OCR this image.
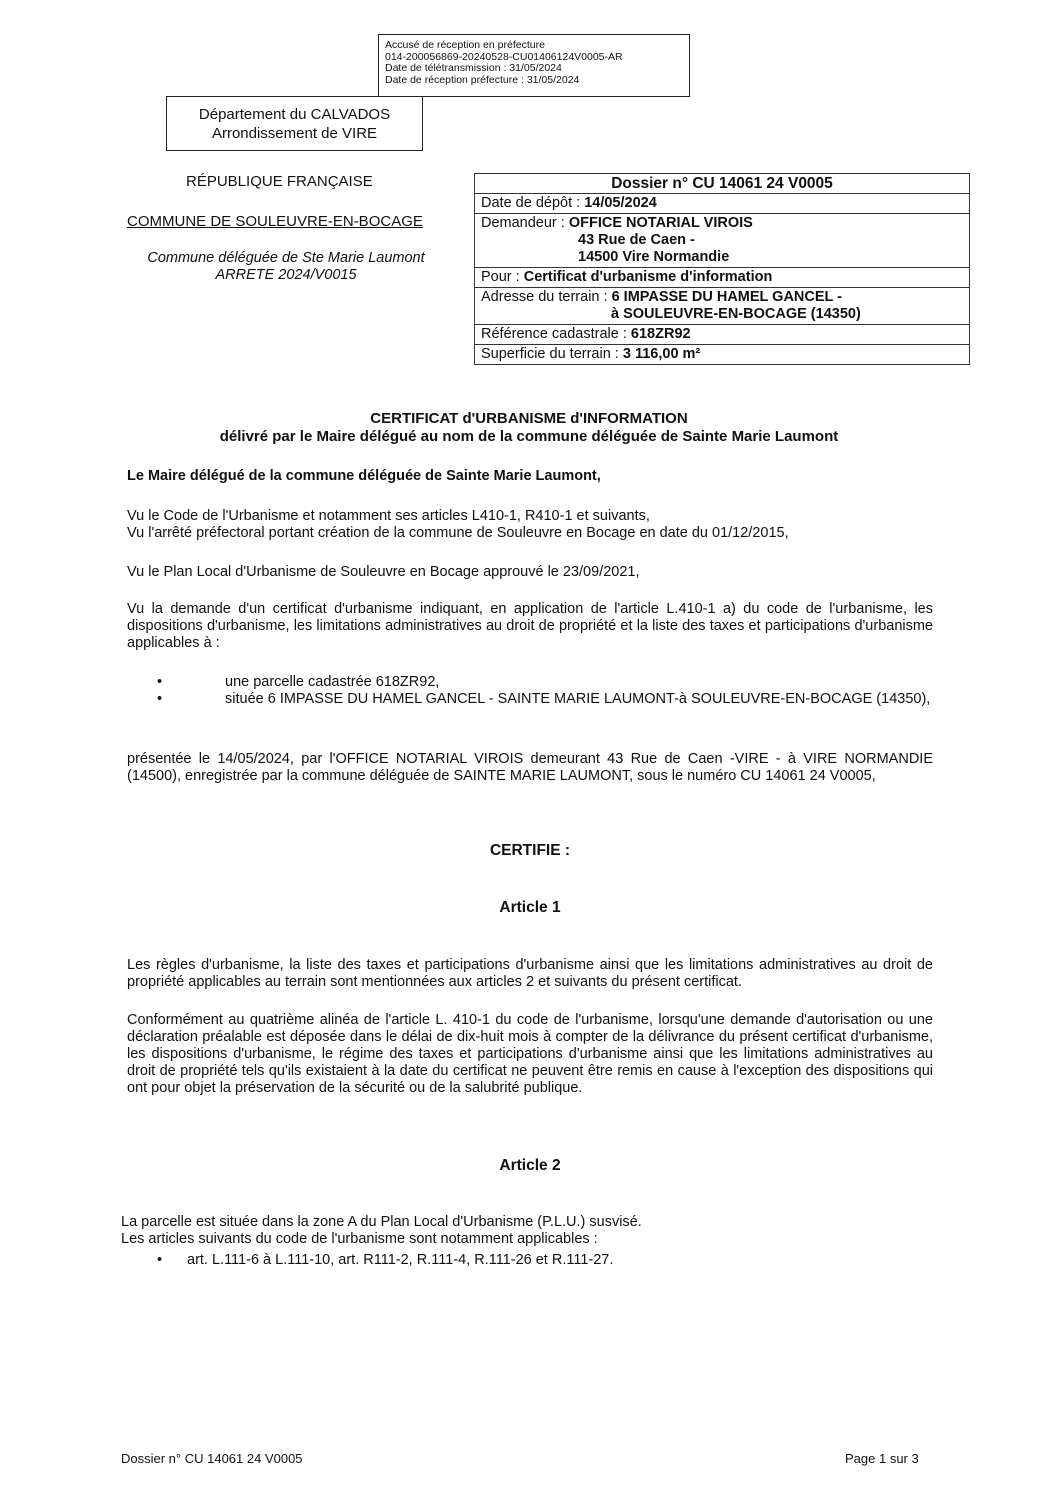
Accusé de réception en préfecture
014-200056869-20240528-CU01406124V0005-AR
Date de télétransmission : 31/05/2024
Date de réception préfecture : 31/05/2024
Département du CALVADOS
Arrondissement de VIRE
RÉPUBLIQUE FRANÇAISE
COMMUNE DE SOULEUVRE-EN-BOCAGE
Commune déléguée de Ste Marie Laumont
ARRETE 2024/V0015
Dossier n° CU 14061 24 V0005
Date de dépôt : 14/05/2024
Demandeur : OFFICE NOTARIAL VIROIS
43 Rue de Caen -
14500 Vire Normandie

Pour : Certificat d'urbanisme d'information
Adresse du terrain : 6 IMPASSE DU HAMEL GANCEL -
à SOULEUVRE-EN-BOCAGE (14350)

Référence cadastrale : 618ZR92
Superficie du terrain : 3 116,00 m²
CERTIFICAT d'URBANISME d'INFORMATION
délivré par le Maire délégué au nom de la commune déléguée de Sainte Marie Laumont
Le Maire délégué de la commune déléguée de Sainte Marie Laumont,
Vu le Code de l'Urbanisme et notamment ses articles L410-1, R410-1 et suivants,
Vu l'arrêté préfectoral portant création de la commune de Souleuvre en Bocage en date du 01/12/2015,
Vu le Plan Local d'Urbanisme de Souleuvre en Bocage approuvé le 23/09/2021,
Vu la demande d'un certificat d'urbanisme indiquant, en application de l'article L.410-1 a) du code de l'urbanisme, les dispositions d'urbanisme, les limitations administratives au droit de propriété et la liste des taxes et participations d'urbanisme applicables à :
•	une parcelle cadastrée 618ZR92,
•	située 6 IMPASSE DU HAMEL GANCEL - SAINTE MARIE LAUMONT-à SOULEUVRE-EN-BOCAGE (14350),
présentée le 14/05/2024, par l'OFFICE NOTARIAL VIROIS demeurant 43 Rue de Caen -VIRE - à VIRE NORMANDIE (14500), enregistrée par la commune déléguée de SAINTE MARIE LAUMONT, sous le numéro CU 14061 24 V0005,
CERTIFIE :
Article 1
Les règles d'urbanisme, la liste des taxes et participations d'urbanisme ainsi que les limitations administratives au droit de propriété applicables au terrain sont mentionnées aux articles 2 et suivants du présent certificat.
Conformément au quatrième alinéa de l'article L. 410-1 du code de l'urbanisme, lorsqu'une demande d'autorisation ou une déclaration préalable est déposée dans le délai de dix-huit mois à compter de la délivrance du présent certificat d'urbanisme, les dispositions d'urbanisme, le régime des taxes et participations d'urbanisme ainsi que les limitations administratives au droit de propriété tels qu'ils existaient à la date du certificat ne peuvent être remis en cause à l'exception des dispositions qui ont pour objet la préservation de la sécurité ou de la salubrité publique.
Article 2
La parcelle est située dans la zone A du Plan Local d'Urbanisme (P.L.U.) susvisé.
Les articles suivants du code de l'urbanisme sont notamment applicables :
• art. L.111-6 à L.111-10, art. R111-2, R.111-4, R.111-26 et R.111-27.
Dossier n° CU 14061 24 V0005	Page 1 sur 3
